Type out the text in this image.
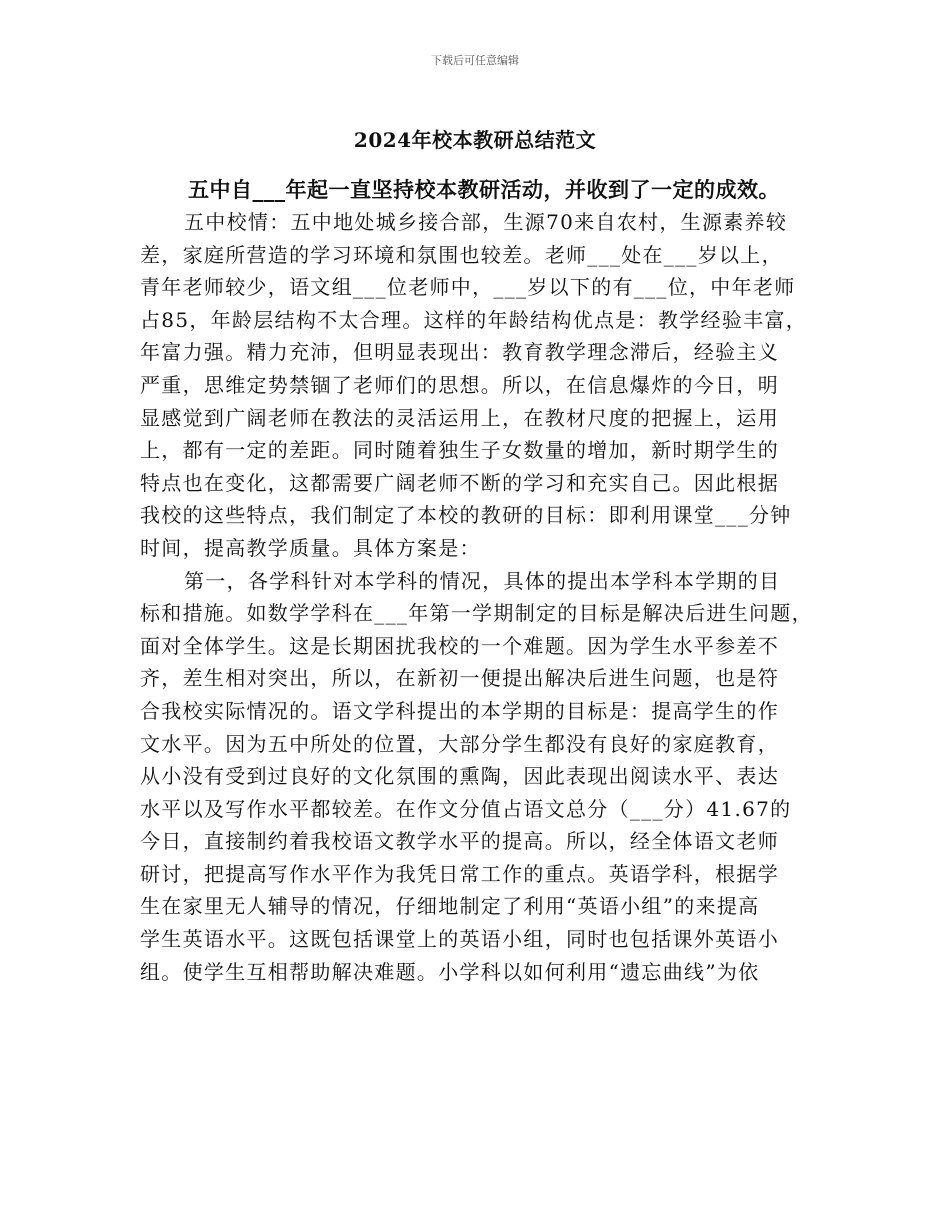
下载后可任意编辑
2024年校本教研总结范文
五中自___年起一直坚持校本教研活动，并收到了一定的成效。
五中校情：五中地处城乡接合部，生源70来自农村，生源素养较
差，家庭所营造的学习环境和氛围也较差。老师___处在___岁以上，
青年老师较少，语文组___位老师中，___岁以下的有___位，中年老师
占85，年龄层结构不太合理。这样的年龄结构优点是：教学经验丰富，
年富力强。精力充沛，但明显表现出：教育教学理念滞后，经验主义
严重，思维定势禁锢了老师们的思想。所以，在信息爆炸的今日，明
显感觉到广阔老师在教法的灵活运用上，在教材尺度的把握上，运用
上，都有一定的差距。同时随着独生子女数量的增加，新时期学生的
特点也在变化，这都需要广阔老师不断的学习和充实自己。因此根据
我校的这些特点，我们制定了本校的教研的目标：即利用课堂___分钟
时间，提高教学质量。具体方案是：
第一，各学科针对本学科的情况，具体的提出本学科本学期的目
标和措施。如数学学科在___年第一学期制定的目标是解决后进生问题，
面对全体学生。这是长期困扰我校的一个难题。因为学生水平参差不
齐，差生相对突出，所以，在新初一便提出解决后进生问题，也是符
合我校实际情况的。语文学科提出的本学期的目标是：提高学生的作
文水平。因为五中所处的位置，大部分学生都没有良好的家庭教育，
从小没有受到过良好的文化氛围的熏陶，因此表现出阅读水平、表达
水平以及写作水平都较差。在作文分值占语文总分（___分）41.67的
今日，直接制约着我校语文教学水平的提高。所以，经全体语文老师
研讨，把提高写作水平作为我凭日常工作的重点。英语学科，根据学
生在家里无人辅导的情况，仔细地制定了利用“英语小组”的来提高
学生英语水平。这既包括课堂上的英语小组，同时也包括课外英语小
组。使学生互相帮助解决难题。小学科以如何利用“遗忘曲线”为依
